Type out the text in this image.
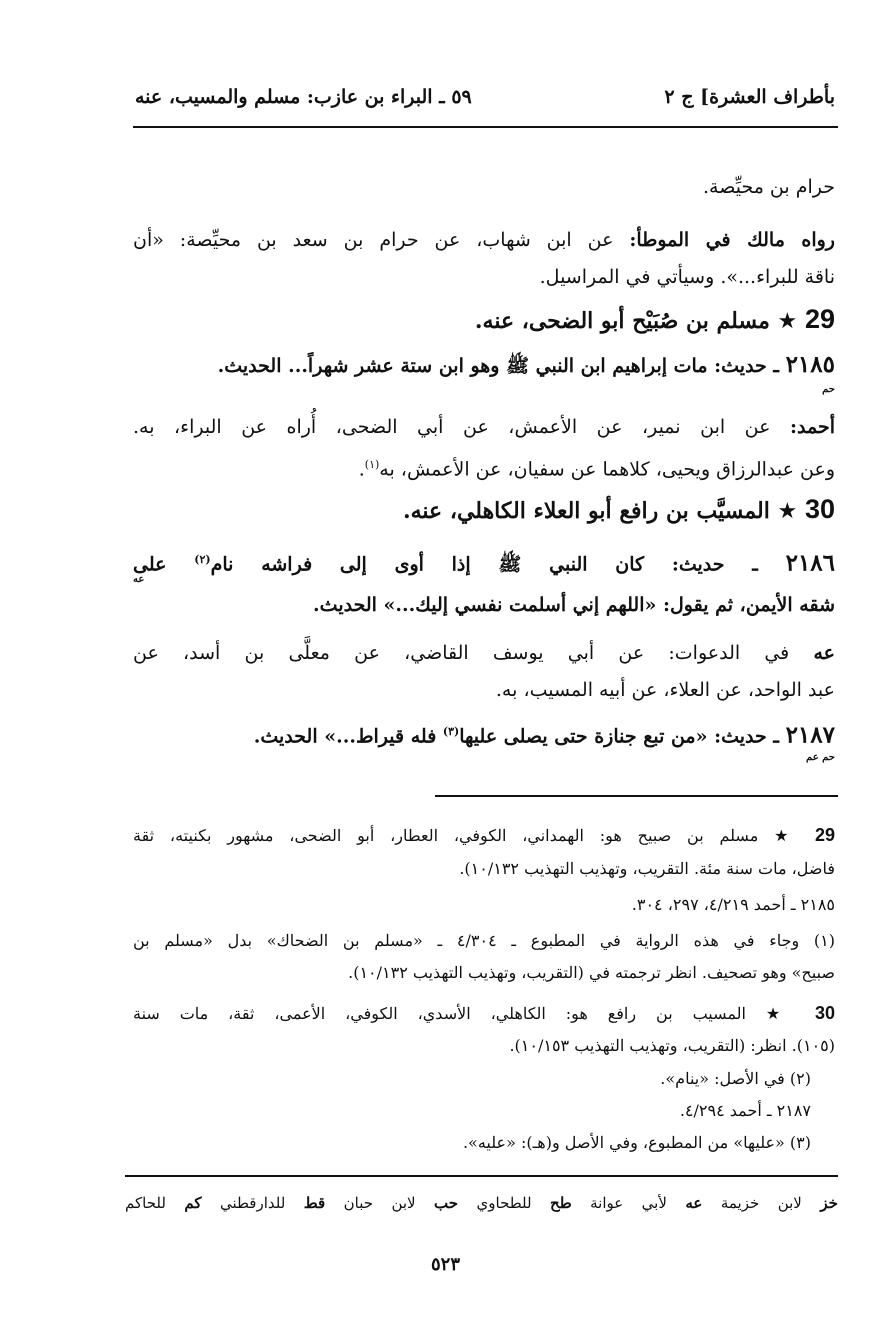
بأطراف العشرة] ج ٢
٥٩ ـ البراء بن عازب: مسلم والمسيب، عنه
حرام بن محيِّصة.
رواه مالك في الموطأ: عن ابن شهاب، عن حرام بن سعد بن محيِّصة: «أن
ناقة للبراء...». وسيأتي في المراسيل.
29 ★ مسلم بن صُبَيْح أبو الضحى، عنه.
٢١٨٥ ـ حديث: مات إبراهيم ابن النبي ﷺ وهو ابن ستة عشر شهراً... الحديث.
حم
أحمد: عن ابن نمير، عن الأعمش، عن أبي الضحى، أُراه عن البراء، به.
وعن عبدالرزاق ويحيى، كلاهما عن سفيان، عن الأعمش، به$^{(١)}$.
30 ★ المسيَّب بن رافع أبو العلاء الكاهلي، عنه.
٢١٨٦ ـ حديث: كان النبي ﷺ إذا أوى إلى فراشه نام$^{(٢)}$ على
عه
شقه الأيمن، ثم يقول: «اللهم إني أسلمت نفسي إليك...» الحديث.
عه في الدعوات: عن أبي يوسف القاضي، عن معلَّى بن أسد، عن
عبد الواحد، عن العلاء، عن أبيه المسيب، به.
٢١٨٧ ـ حديث: «من تبع جنازة حتى يصلى عليها$^{(٣)}$ فله قيراط...» الحديث.
حم عم
29 ★ مسلم بن صبيح هو: الهمداني، الكوفي، العطار، أبو الضحى، مشهور بكنيته، ثقة
فاضل، مات سنة مئة. التقريب، وتهذيب التهذيب ١٠/١٣٢).
٢١٨٥ ـ أحمد ٤/٢١٩، ٢٩٧، ٣٠٤.
(١) وجاء في هذه الرواية في المطبوع ـ ٤/٣٠٤ ـ «مسلم بن الضحاك» بدل «مسلم بن
صبيح» وهو تصحيف. انظر ترجمته في (التقريب، وتهذيب التهذيب ١٠/١٣٢).
30 ★ المسيب بن رافع هو: الكاهلي، الأسدي، الكوفي، الأعمى، ثقة، مات سنة
(١٠٥). انظر: (التقريب، وتهذيب التهذيب ١٠/١٥٣).
(٢) في الأصل: «ينام».
٢١٨٧ ـ أحمد ٤/٢٩٤.
(٣) «عليها» من المطبوع، وفي الأصل و(هـ): «عليه».
خز لابن خزيمة عه لأبي عوانة طح للطحاوي حب لابن حبان قط للدارقطني كم للحاكم
٥٢٣
